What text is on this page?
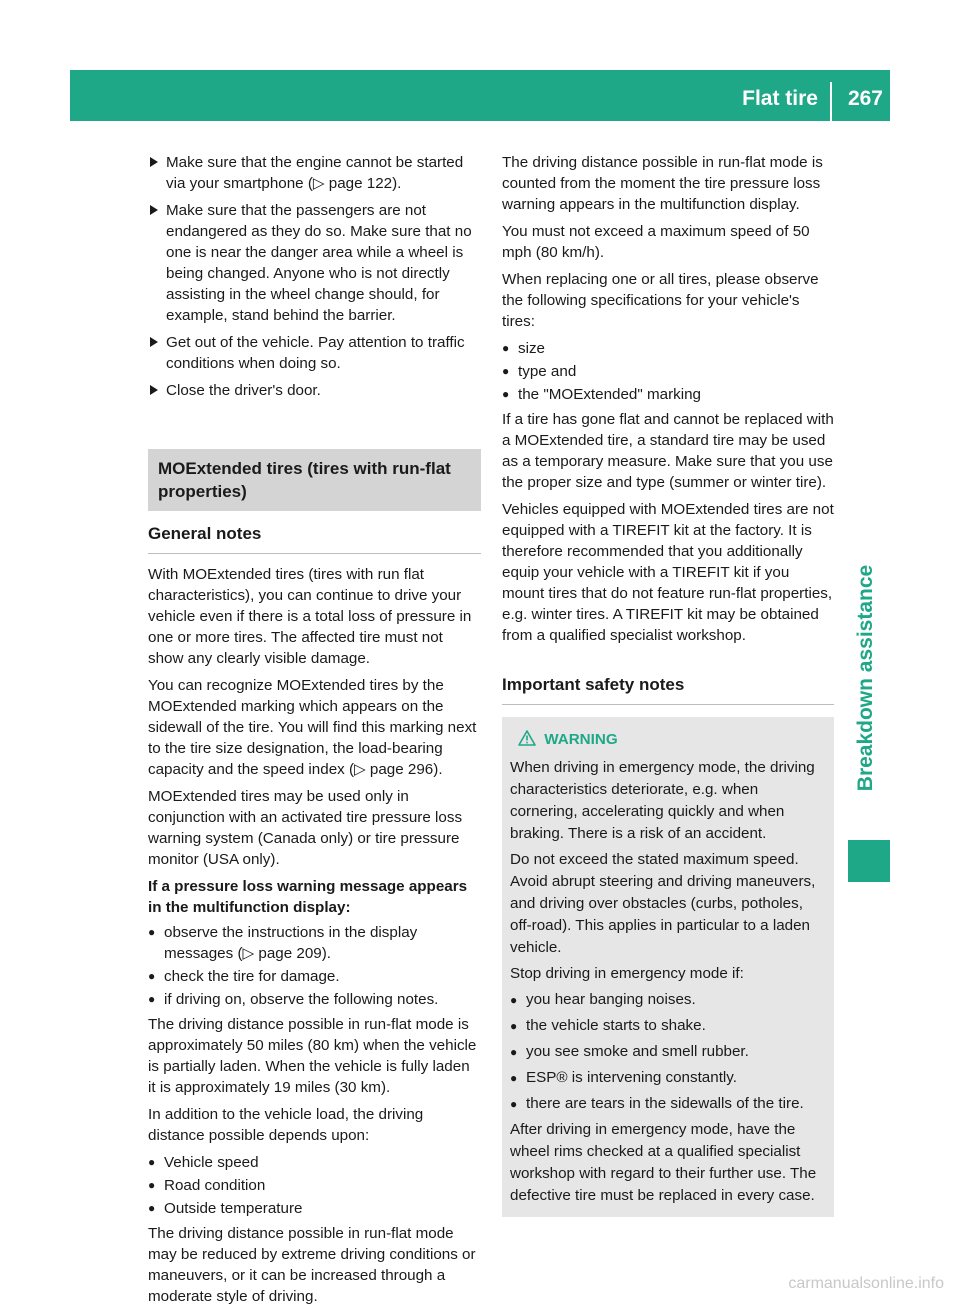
Flat tire 267
Breakdown assistance
Make sure that the engine cannot be started via your smartphone (▷ page 122).
Make sure that the passengers are not endangered as they do so. Make sure that no one is near the danger area while a wheel is being changed. Anyone who is not directly assisting in the wheel change should, for example, stand behind the barrier.
Get out of the vehicle. Pay attention to traffic conditions when doing so.
Close the driver's door.
MOExtended tires (tires with run-flat properties)
General notes

With MOExtended tires (tires with run flat characteristics), you can continue to drive your vehicle even if there is a total loss of pressure in one or more tires. The affected tire must not show any clearly visible damage.

You can recognize MOExtended tires by the MOExtended marking which appears on the sidewall of the tire. You will find this marking next to the tire size designation, the load-bearing capacity and the speed index (▷ page 296).

MOExtended tires may be used only in conjunction with an activated tire pressure loss warning system (Canada only) or tire pressure monitor (USA only).

If a pressure loss warning message appears in the multifunction display:

● observe the instructions in the display messages (▷ page 209).
● check the tire for damage.
● if driving on, observe the following notes.

The driving distance possible in run-flat mode is approximately 50 miles (80 km) when the vehicle is partially laden. When the vehicle is fully laden it is approximately 19 miles (30 km).

In addition to the vehicle load, the driving distance possible depends upon:

● Vehicle speed
● Road condition
● Outside temperature

The driving distance possible in run-flat mode may be reduced by extreme driving conditions or maneuvers, or it can be increased through a moderate style of driving.

The driving distance possible in run-flat mode is counted from the moment the tire pressure loss warning appears in the multifunction display.

You must not exceed a maximum speed of 50 mph (80 km/h).

When replacing one or all tires, please observe the following specifications for your vehicle's tires:

● size
● type and
● the "MOExtended" marking

If a tire has gone flat and cannot be replaced with a MOExtended tire, a standard tire may be used as a temporary measure. Make sure that you use the proper size and type (summer or winter tire).

Vehicles equipped with MOExtended tires are not equipped with a TIREFIT kit at the factory. It is therefore recommended that you additionally equip your vehicle with a TIREFIT kit if you mount tires that do not feature run-flat properties, e.g. winter tires. A TIREFIT kit may be obtained from a qualified specialist workshop.

Important safety notes
WARNING

When driving in emergency mode, the driving characteristics deteriorate, e.g. when cornering, accelerating quickly and when braking. There is a risk of an accident.

Do not exceed the stated maximum speed. Avoid abrupt steering and driving maneuvers, and driving over obstacles (curbs, potholes, off-road). This applies in particular to a laden vehicle.

Stop driving in emergency mode if:

● you hear banging noises.
● the vehicle starts to shake.
● you see smoke and smell rubber.
● ESP® is intervening constantly.
● there are tears in the sidewalls of the tire.

After driving in emergency mode, have the wheel rims checked at a qualified specialist workshop with regard to their further use. The defective tire must be replaced in every case.

carmanualsonline.info
